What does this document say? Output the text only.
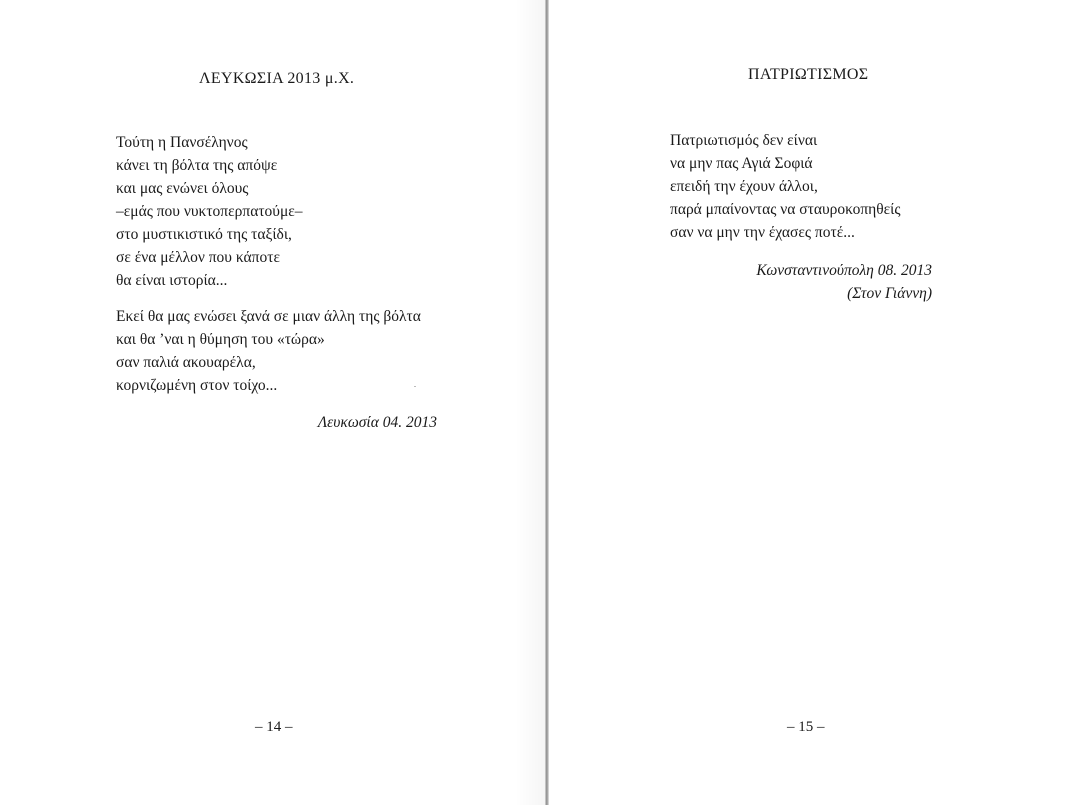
ΛΕΥΚΩΣΙΑ 2013 μ.Χ.
Τούτη η Πανσέληνος
κάνει τη βόλτα της απόψε
και μας ενώνει όλους
–εμάς που νυκτοπερπατούμε–
στο μυστικιστικό της ταξίδι,
σε ένα μέλλον που κάποτε
θα είναι ιστορία...
Εκεί θα μας ενώσει ξανά σε μιαν άλλη της βόλτα
και θα ’ναι η θύμηση του «τώρα»
σαν παλιά ακουαρέλα,
κορνιζωμένη στον τοίχο...
Λευκωσία 04. 2013
– 14 –
ΠΑΤΡΙΩΤΙΣΜΟΣ
Πατριωτισμός δεν είναι
να μην πας Αγιά Σοφιά
επειδή την έχουν άλλοι,
παρά μπαίνοντας να σταυροκοπηθείς
σαν να μην την έχασες ποτέ...
Κωνσταντινούπολη 08. 2013
(Στον Γιάννη)
– 15 –
